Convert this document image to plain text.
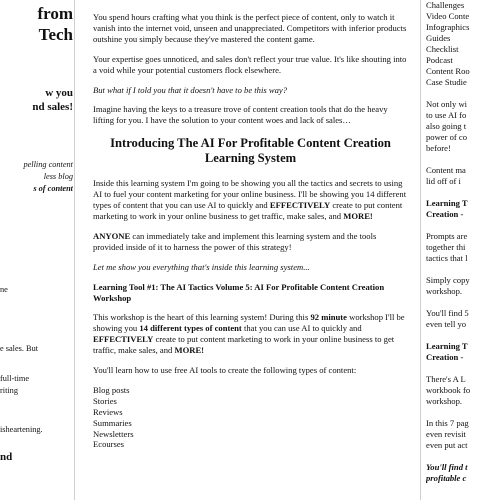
from
Tech
w you
nd sales!
pelling content
less blog
s of content
ne
e sales. But
full-time
riting
isheartening.
nd

You spend hours crafting what you think is the perfect piece of content, only to watch it vanish into the internet void, unseen and unappreciated. Competitors with inferior products outshine you simply because they've mastered the content game.

Your expertise goes unnoticed, and sales don't reflect your true value. It's like shouting into a void while your potential customers flock elsewhere.

But what if I told you that it doesn't have to be this way?

Imagine having the keys to a treasure trove of content creation tools that do the heavy lifting for you. I have the solution to your content woes and lack of sales…

Introducing The AI For Profitable Content Creation Learning System

Inside this learning system I'm going to be showing you all the tactics and secrets to using AI to fuel your content marketing for your online business. I'll be showing you 14 different types of content that you can use AI to quickly and EFFECTIVELY create to put content marketing to work in your online business to get traffic, make sales, and MORE!

ANYONE can immediately take and implement this learning system and the tools provided inside of it to harness the power of this strategy!

Let me show you everything that's inside this learning system...

Learning Tool #1: The AI Tactics Volume 5: AI For Profitable Content Creation Workshop

This workshop is the heart of this learning system! During this 92 minute workshop I'll be showing you 14 different types of content that you can use AI to quickly and EFFECTIVELY create to put content marketing to work in your online business to get traffic, make sales, and MORE!

You'll learn how to use free AI tools to create the following types of content:

Blog posts
Stories
Reviews
Summaries
Newsletters
Ecourses
Challenges
Video Conte
Infographics
Guides
Checklist
Podcast
Content Roo
Case Studie
Not only wi
to use AI fo
also going t
power of co
before!
Content ma
lid off of i
Learning T
Creation -
Prompts are
together thi
tactics that l
Simply copy
workshop.
You'll find 5
even tell yo
Learning T
Creation -
There's A L
workbook fo
workshop.
In this 7 pag
even revisit
even put act
You'll find t
profitable c
